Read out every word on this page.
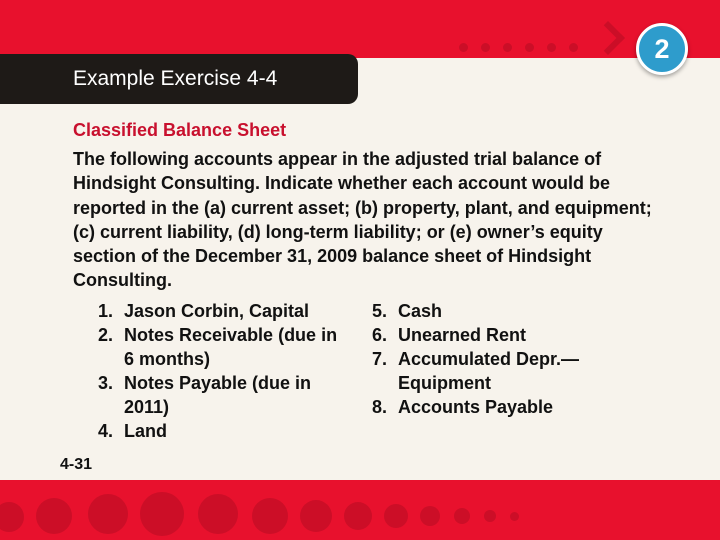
2
Example Exercise 4-4
Classified Balance Sheet

The following accounts appear in the adjusted trial balance of Hindsight Consulting. Indicate whether each account would be reported in the (a) current asset; (b) property, plant, and equipment; (c) current liability, (d) long-term liability; or (e) owner’s equity section of the December 31, 2009 balance sheet of Hindsight Consulting.

1. Jason Corbin, Capital
2. Notes Receivable (due in 6 months)
3. Notes Payable (due in 2011)
4. Land
5. Cash
6. Unearned Rent
7. Accumulated Depr.— Equipment
8. Accounts Payable
4-31
